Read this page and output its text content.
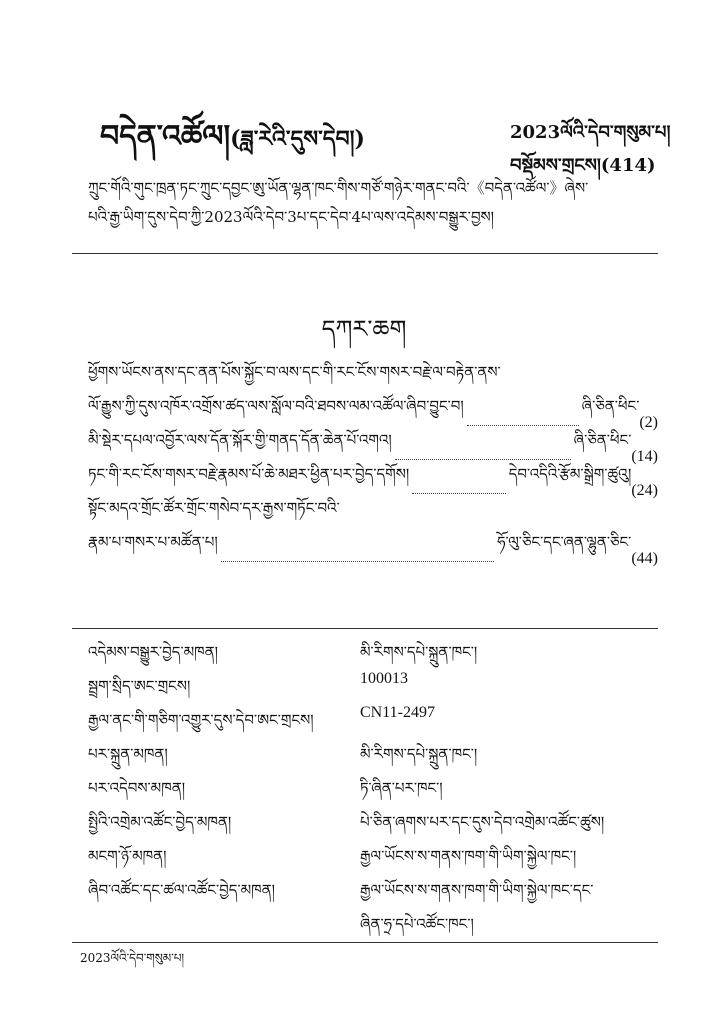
བདེན་འཚོལ།(ཟླ་རེའི་དུས་དེབ།)	2023ལོའི་དེབ་གསུམ་པ།
བསྡོམས་གྲངས།(414)
ཀྲུང་གོའི་གུང་ཁྲན་ཏང་ཀྲུང་དབྱང་ཨུ་ཡོན་ལྷན་ཁང་གིས་གཙོ་གཉེར་གནང་བའི་《བདེན་འཚོལ་》ཞེས་
པའི་རྒྱ་ཡིག་དུས་དེབ་ཀྱི་2023ལོའི་དེབ་3པ་དང་དེབ་4པ་ལས་འདེམས་བསྒྱུར་བྱས།
དཀར་ཆག
ཕྱོགས་ཡོངས་ནས་དང་ནན་པོས་སྐྱོང་བ་ལས་དང་གི་རང་ངོས་གསར་བརྗེ་ལ་བརྟེན་ནས་
ལོ་རྒྱུས་ཀྱི་དུས་འཁོར་འགྲོས་ཚད་ལས་སློལ་བའི་ཐབས་ལམ་འཚོལ་ཞིབ་བྱུང་བ།	ཞི་ཅིན་ཕིང་
(2)
མི་སྡེར་དཔལ་འབྱོར་ལས་དོན་སྐོར་གྱི་གནད་དོན་ཆེན་པོ་འགའ།	ཞི་ཅིན་ཕིང་
(14)
ཏང་གི་རང་ངོས་གསར་བརྗེ་རྣམས་པོ་ཆེ་མཐར་ཕྱིན་པར་བྱེད་དགོས།	དེབ་འདིའི་རྩོམ་སྒྲིག་ཚུའུ།
(24)
སྟོང་མདའ་གྲོང་ཚོར་གྲོང་གསེབ་དར་རྒྱས་གཏོང་བའི་
རྣམ་པ་གསར་པ་མཚོན་པ།	ཧོ་ལུ་ཅིང་དང་ཞན་ལྷུན་ཅིང་
(44)
འདེམས་བསྒྱུར་བྱེད་མཁན།	མི་རིགས་དཔེ་སྐྲུན་ཁང་།
སྦྲག་སྲིད་ཨང་གྲངས།	100013
རྒྱལ་ནང་གི་གཅིག་འགྱུར་དུས་དེབ་ཨང་གྲངས།	CN11-2497
པར་སྐྲུན་མཁན།	མི་རིགས་དཔེ་སྐྲུན་ཁང་།
པར་འདེབས་མཁན།	ཏི་ཞིན་པར་ཁང་།
སྤྱིའི་འགྲེམ་འཚོང་བྱེད་མཁན།	པེ་ཅིན་ཞགས་པར་དང་དུས་དེབ་འགྲེམ་འཚོང་ཚུས།
མངག་ཉོ་མཁན།	རྒྱལ་ཡོངས་ས་གནས་ཁག་གི་ཡིག་སྐྱེལ་ཁང་།
ཞིབ་འཚོང་དང་ཚལ་འཚོང་བྱེད་མཁན།	རྒྱལ་ཡོངས་ས་གནས་ཁག་གི་ཡིག་སྐྱེལ་ཁང་དང་
ཞིན་ཧྲ་དཔེ་འཚོང་ཁང་།
2023ལོའི་དེབ་གསུམ་པ།
